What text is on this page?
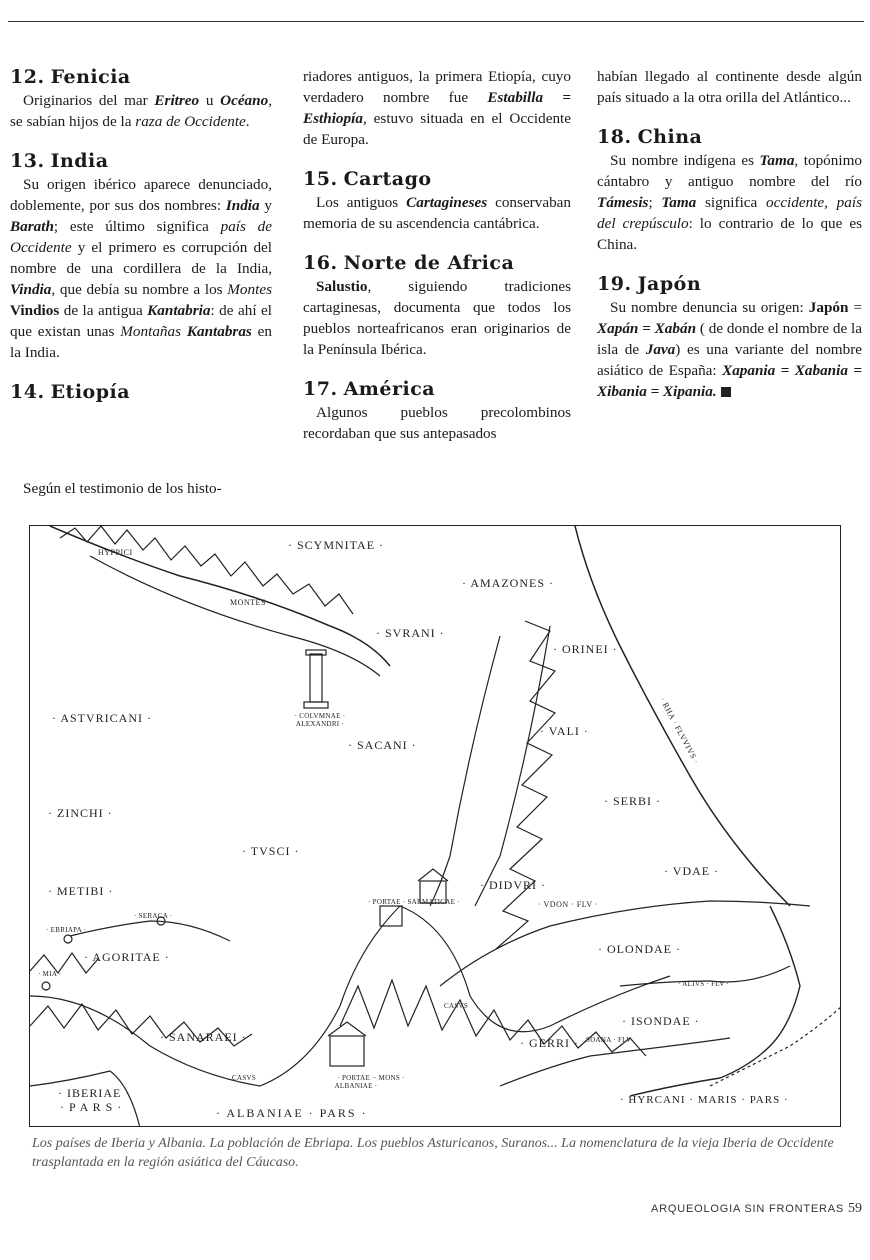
12. Fenicia
Originarios del mar Eritreo u Océano, se sabían hijos de la raza de Occidente.
13. India
Su origen ibérico aparece denunciado, doblemente, por sus dos nombres: India y Barath; este último significa país de Occidente y el primero es corrupción del nombre de una cordillera de la India, Vindia, que debía su nombre a los Montes Vindios de la antigua Kantabria: de ahí el que existan unas Montañas Kantabras en la India.
14. Etiopía
Según el testimonio de los histo-
riadores antiguos, la primera Etiopía, cuyo verdadero nombre fue Estabilla = Esthiopía, estuvo situada en el Occidente de Europa.
15. Cartago
Los antiguos Cartagineses conservaban memoria de su ascendencia cantábrica.
16. Norte de Africa
Salustio, siguiendo tradiciones cartaginesas, documenta que todos los pueblos norteafricanos eran originarios de la Península Ibérica.
17. América
Algunos pueblos precolombinos recordaban que sus antepasados
habían llegado al continente desde algún país situado a la otra orilla del Atlántico...
18. China
Su nombre indígena es Tama, topónimo cántabro y antiguo nombre del río Támesis; Tama significa occidente, país del crepúsculo: lo contrario de lo que es China.
19. Japón
Su nombre denuncia su origen: Japón = Xapán = Xabán ( de donde el nombre de la isla de Java) es una variante del nombre asiático de España: Xapania = Xabania = Xibania = Xipania.
· SCYMNITAE ·
HYPPICI
· AMAZONES ·
MONTES
· SVRANI ·
· ORINEI ·
· COLVMNAE · ALEXANDRI ·
· ASTVRICANI ·
· SACANI ·
· VALI ·	· RHA · FLVVIVS ·
· SERBI ·
· ZINCHI ·
· TVSCI ·
· VDAE ·
· DIDVRI ·
· METIBI ·
· PORTAE · SARMATICAE ·	· VDON · FLV ·
· EBRIAPA ·
· SERACA ·
· AGORITAE ·
· OLONDAE ·
· MIA ·
· ALIVS · FLV ·
CASVS
· ISONDAE ·
· SANARAEI ·	· GERRI · SOANA · FLV
CASVS	· PORTAE · ALBANIAE ·
· MONS ·
· IBERIAE ·
· P A R S ·	· ALBANIAE · PARS ·
· HYRCANI · MARIS · PARS ·
Los países de Iberia y Albania. La población de Ebriapa. Los pueblos Asturicanos, Suranos... La nomenclatura de la vieja Iberia de Occidente trasplantada en la región asiática del Cáucaso.
ARQUEOLOGIA SIN FRONTERAS 59
